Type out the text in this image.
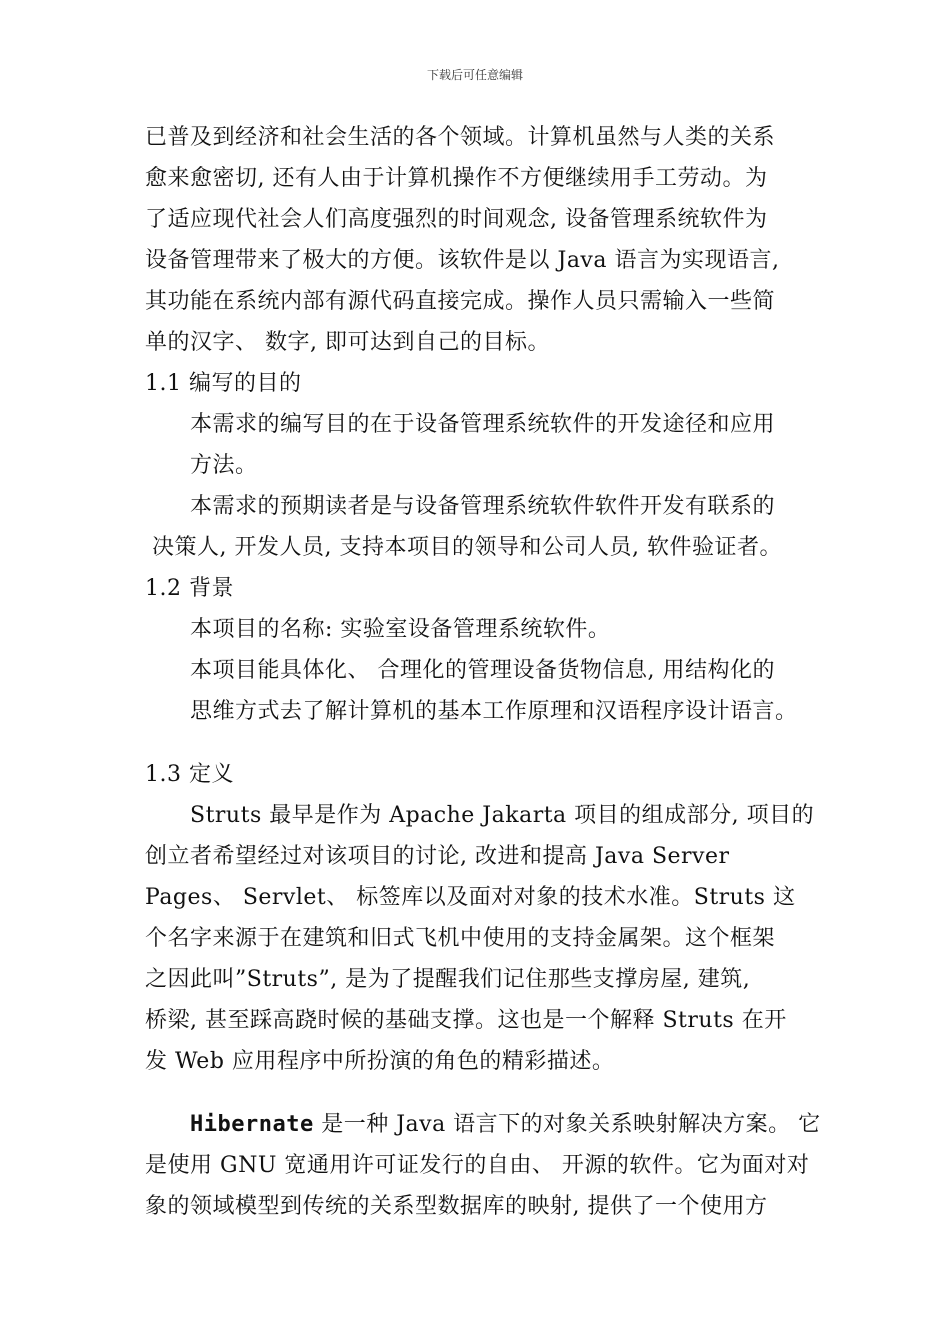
下载后可任意编辑
已普及到经济和社会生活的各个领域。计算机虽然与人类的关系
愈来愈密切, 还有人由于计算机操作不方便继续用手工劳动。为
了适应现代社会人们高度强烈的时间观念, 设备管理系统软件为
设备管理带来了极大的方便。该软件是以 Java 语言为实现语言,
其功能在系统内部有源代码直接完成。操作人员只需输入一些简
单的汉字、 数字, 即可达到自己的目标。
1.1 编写的目的
本需求的编写目的在于设备管理系统软件的开发途径和应用
方法。
本需求的预期读者是与设备管理系统软件软件开发有联系的
决策人, 开发人员, 支持本项目的领导和公司人员, 软件验证者。
1.2 背景
本项目的名称: 实验室设备管理系统软件。
本项目能具体化、 合理化的管理设备货物信息, 用结构化的
思维方式去了解计算机的基本工作原理和汉语程序设计语言。
1.3 定义
Struts 最早是作为 Apache Jakarta 项目的组成部分, 项目的
创立者希望经过对该项目的讨论, 改进和提高 Java Server
Pages、 Servlet、 标签库以及面对对象的技术水准。Struts 这
个名字来源于在建筑和旧式飞机中使用的支持金属架。这个框架
之因此叫”Struts”, 是为了提醒我们记住那些支撑房屋, 建筑,
桥梁, 甚至踩高跷时候的基础支撑。这也是一个解释 Struts 在开
发 Web 应用程序中所扮演的角色的精彩描述。
Hibernate 是一种 Java 语言下的对象关系映射解决方案。 它
是使用 GNU 宽通用许可证发行的自由、 开源的软件。它为面对对
象的领域模型到传统的关系型数据库的映射, 提供了一个使用方
